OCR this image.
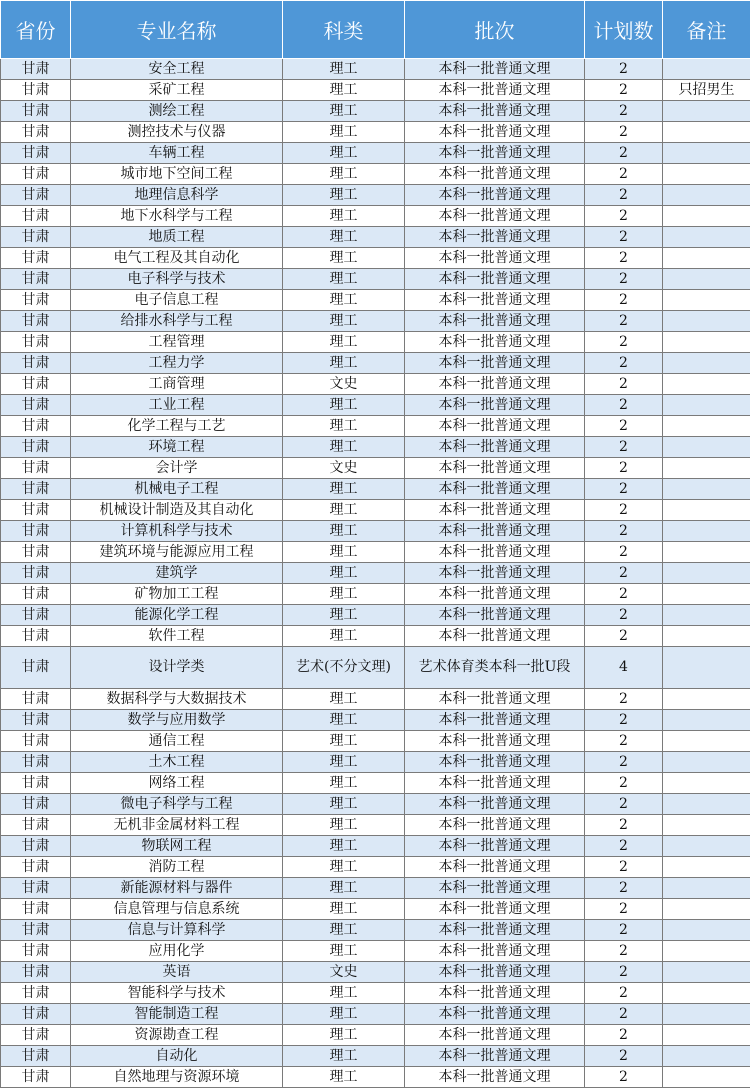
省份	专业名称	科类	批次	计划数	备注
甘肃	安全工程	理工	本科一批普通文理	2	
甘肃	采矿工程	理工	本科一批普通文理	2	只招男生
甘肃	测绘工程	理工	本科一批普通文理	2	
甘肃	测控技术与仪器	理工	本科一批普通文理	2	
甘肃	车辆工程	理工	本科一批普通文理	2	
甘肃	城市地下空间工程	理工	本科一批普通文理	2	
甘肃	地理信息科学	理工	本科一批普通文理	2	
甘肃	地下水科学与工程	理工	本科一批普通文理	2	
甘肃	地质工程	理工	本科一批普通文理	2	
甘肃	电气工程及其自动化	理工	本科一批普通文理	2	
甘肃	电子科学与技术	理工	本科一批普通文理	2	
甘肃	电子信息工程	理工	本科一批普通文理	2	
甘肃	给排水科学与工程	理工	本科一批普通文理	2	
甘肃	工程管理	理工	本科一批普通文理	2	
甘肃	工程力学	理工	本科一批普通文理	2	
甘肃	工商管理	文史	本科一批普通文理	2	
甘肃	工业工程	理工	本科一批普通文理	2	
甘肃	化学工程与工艺	理工	本科一批普通文理	2	
甘肃	环境工程	理工	本科一批普通文理	2	
甘肃	会计学	文史	本科一批普通文理	2	
甘肃	机械电子工程	理工	本科一批普通文理	2	
甘肃	机械设计制造及其自动化	理工	本科一批普通文理	2	
甘肃	计算机科学与技术	理工	本科一批普通文理	2	
甘肃	建筑环境与能源应用工程	理工	本科一批普通文理	2	
甘肃	建筑学	理工	本科一批普通文理	2	
甘肃	矿物加工工程	理工	本科一批普通文理	2	
甘肃	能源化学工程	理工	本科一批普通文理	2	
甘肃	软件工程	理工	本科一批普通文理	2	
甘肃	设计学类	艺术(不分文理)	艺术体育类本科一批U段	4	
甘肃	数据科学与大数据技术	理工	本科一批普通文理	2	
甘肃	数学与应用数学	理工	本科一批普通文理	2	
甘肃	通信工程	理工	本科一批普通文理	2	
甘肃	土木工程	理工	本科一批普通文理	2	
甘肃	网络工程	理工	本科一批普通文理	2	
甘肃	微电子科学与工程	理工	本科一批普通文理	2	
甘肃	无机非金属材料工程	理工	本科一批普通文理	2	
甘肃	物联网工程	理工	本科一批普通文理	2	
甘肃	消防工程	理工	本科一批普通文理	2	
甘肃	新能源材料与器件	理工	本科一批普通文理	2	
甘肃	信息管理与信息系统	理工	本科一批普通文理	2	
甘肃	信息与计算科学	理工	本科一批普通文理	2	
甘肃	应用化学	理工	本科一批普通文理	2	
甘肃	英语	文史	本科一批普通文理	2	
甘肃	智能科学与技术	理工	本科一批普通文理	2	
甘肃	智能制造工程	理工	本科一批普通文理	2	
甘肃	资源勘查工程	理工	本科一批普通文理	2	
甘肃	自动化	理工	本科一批普通文理	2	
甘肃	自然地理与资源环境	理工	本科一批普通文理	2	
